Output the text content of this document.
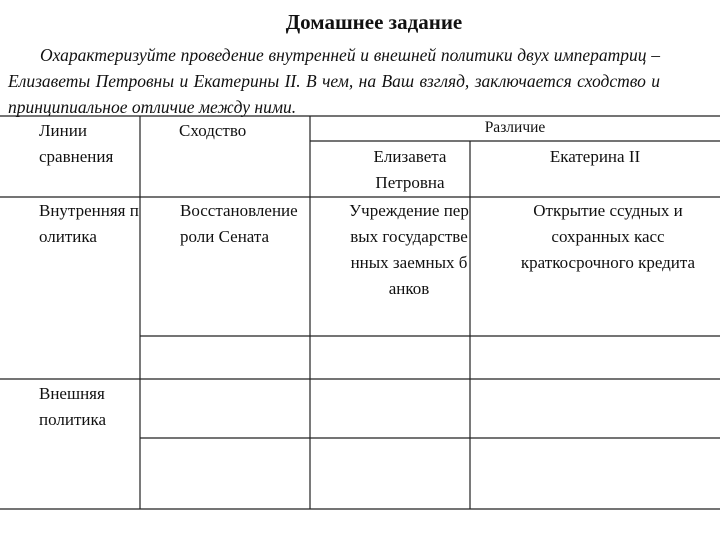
Домашнее задание

Охарактеризуйте проведение внутренней и внешней политики двух императриц – Елизаветы Петровны и Екатерины II. В чем, на Ваш взгляд, заключается сходство и принципиальное отличие между ними.

Линии сравнения
Сходство	Различие
Елизавета Петровна
Екатерина II
Внутренняя политика
Восстановление роли Сената
Учреждение первых государственных заемных банков
Открытие ссудных и сохранных касс краткосрочного кредита
Внешняя политика
